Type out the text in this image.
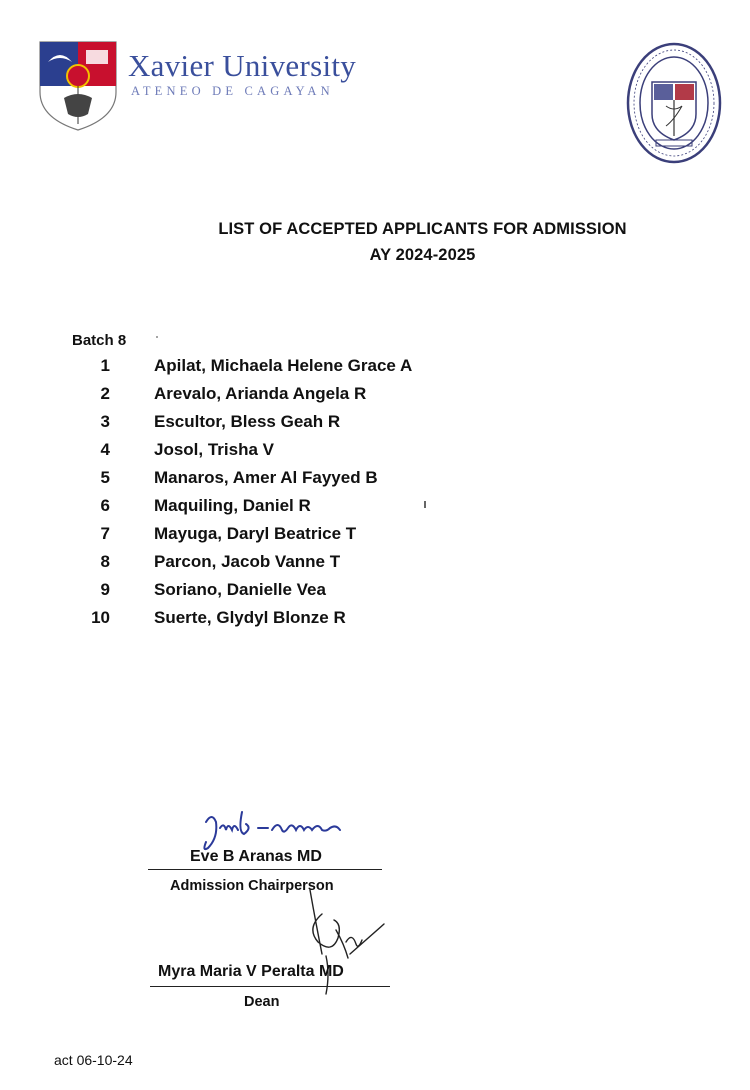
Xavier University
ATENEO DE CAGAYAN
LIST OF ACCEPTED APPLICANTS FOR ADMISSION
AY 2024-2025
Batch 8
1	Apilat, Michaela Helene Grace A
2	Arevalo, Arianda Angela R
3	Escultor, Bless Geah R
4	Josol, Trisha V
5	Manaros, Amer Al Fayyed B
6	Maquiling, Daniel R
7	Mayuga, Daryl Beatrice T
8	Parcon, Jacob Vanne T
9	Soriano, Danielle Vea
10	Suerte, Glydyl Blonze R
Eve B Aranas MD
Admission Chairperson
Myra Maria V Peralta MD
Dean
act 06-10-24
